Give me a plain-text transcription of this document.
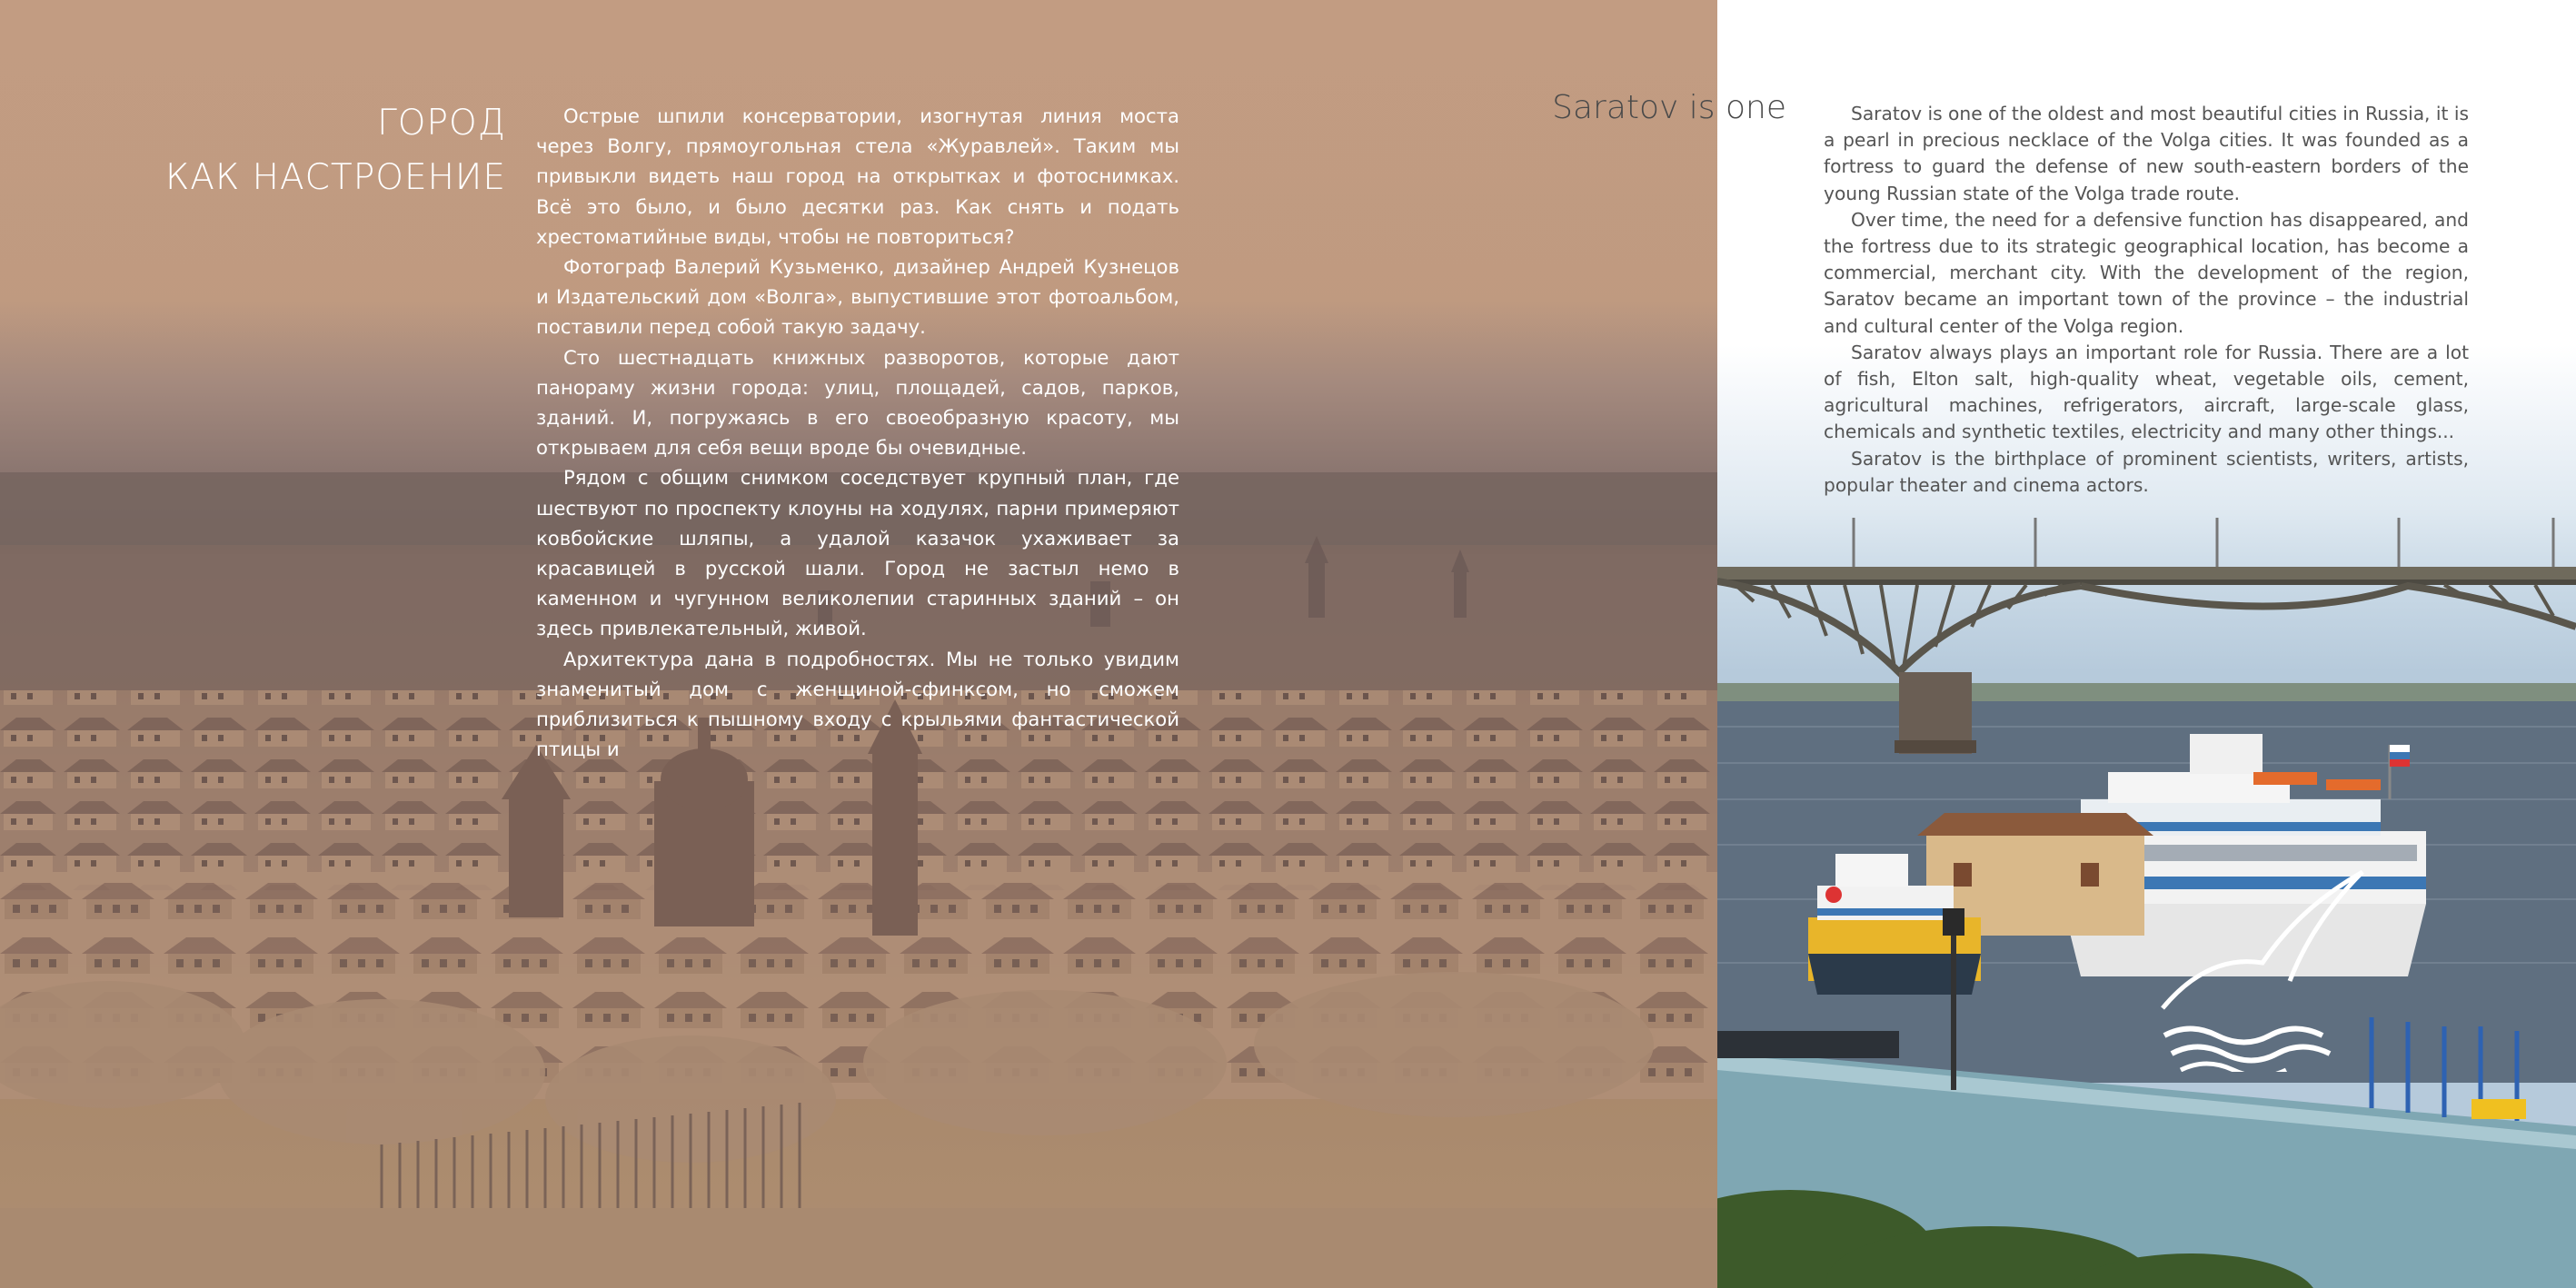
ГОРОД
КАК НАСТРОЕНИЕ

Острые шпили консерватории, изогнутая линия моста через Волгу, прямоугольная стела «Журавлей». Таким мы привыкли видеть наш город на открытках и фотоснимках. Всё это было, и было десятки раз. Как снять и подать хрестоматийные виды, чтобы не повториться?

Фотограф Валерий Кузьменко, дизайнер Андрей Кузнецов и Издательский дом «Волга», выпустившие этот фотоальбом, поставили перед собой такую задачу.

Сто шестнадцать книжных разворотов, которые дают панораму жизни города: улиц, площадей, садов, парков, зданий. И, погружаясь в его своеобразную красоту, мы открываем для себя вещи вроде бы очевидные.

Рядом с общим снимком соседствует крупный план, где шествуют по проспекту клоуны на ходулях, парни примеряют ковбойские шляпы, а удалой казачок ухаживает за красавицей в русской шали. Город не застыл немо в каменном и чугунном великолепии старинных зданий – он здесь привлекательный, живой.

Архитектура дана в подробностях. Мы не только увидим знаменитый дом с женщиной-сфинксом, но сможем приблизиться к пышному входу с крыльями фантастической птицы и

Saratov is one	Saratov is one of the oldest and most beautiful cities in Russia, it is a pearl in precious necklace of the Volga cities. It was founded as a fortress to guard the defense of new south-eastern borders of the young Russian state of the Volga trade route.

Over time, the need for a defensive function has disappeared, and the fortress due to its strategic geographical location, has become a commercial, merchant city. With the development of the region, Saratov became an important town of the province – the industrial and cultural center of the Volga region.

Saratov always plays an important role for Russia. There are a lot of fish, Elton salt, high-quality wheat, vegetable oils, cement, agricultural machines, refrigerators, aircraft, large-scale glass, chemicals and synthetic textiles, electricity and many other things...

Saratov is the birthplace of prominent scientists, writers, artists, popular theater and cinema actors.
